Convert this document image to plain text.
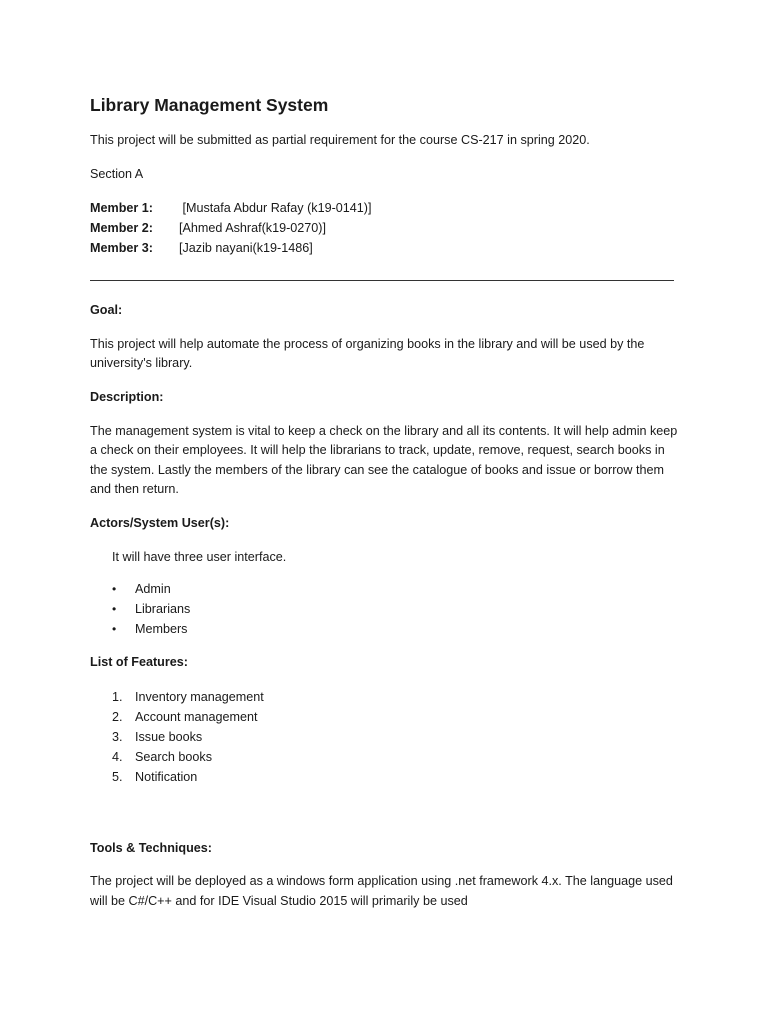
Library Management System

This project will be submitted as partial requirement for the course CS-217 in spring 2020.

Section A

Member 1:	[Mustafa Abdur Rafay (k19-0141)]
Member 2:	[Ahmed Ashraf(k19-0270)]
Member 3:	[Jazib nayani(k19-1486]
Goal:

This project will help automate the process of organizing books in the library and will be used by the university's library.

Description:

The management system is vital to keep a check on the library and all its contents. It will help admin keep a check on their employees. It will help the librarians to track, update, remove, request, search books in the system. Lastly the members of the library can see the catalogue of books and issue or borrow them and then return.

Actors/System User(s):
It will have three user interface.
• Admin
• Librarians
• Members
List of Features:
1. Inventory management
2. Account management
3. Issue books
4. Search books
5. Notification
Tools & Techniques:

The project will be deployed as a windows form application using .net framework 4.x. The language used will be C#/C++ and for IDE Visual Studio 2015 will primarily be used
